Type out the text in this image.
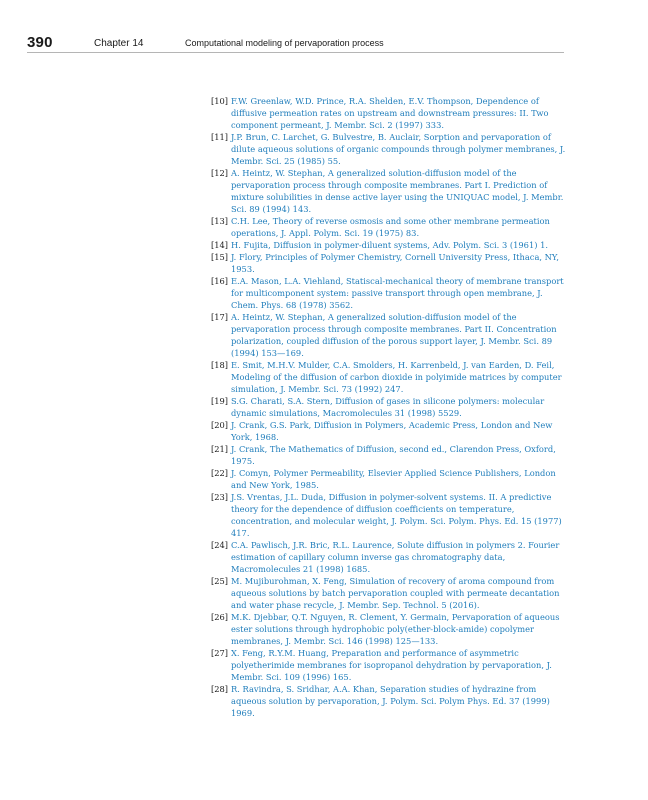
390	Chapter 14	Computational modeling of pervaporation process
[10] F.W. Greenlaw, W.D. Prince, R.A. Shelden, E.V. Thompson, Dependence of diffusive permeation rates on upstream and downstream pressures: II. Two component permeant, J. Membr. Sci. 2 (1997) 333.
[11] J.P. Brun, C. Larchet, G. Bulvestre, B. Auclair, Sorption and pervaporation of dilute aqueous solutions of organic compounds through polymer membranes, J. Membr. Sci. 25 (1985) 55.
[12] A. Heintz, W. Stephan, A generalized solution-diffusion model of the pervaporation process through composite membranes. Part I. Prediction of mixture solubilities in dense active layer using the UNIQUAC model, J. Membr. Sci. 89 (1994) 143.
[13] C.H. Lee, Theory of reverse osmosis and some other membrane permeation operations, J. Appl. Polym. Sci. 19 (1975) 83.
[14] H. Fujita, Diffusion in polymer-diluent systems, Adv. Polym. Sci. 3 (1961) 1.
[15] J. Flory, Principles of Polymer Chemistry, Cornell University Press, Ithaca, NY, 1953.
[16] E.A. Mason, L.A. Viehland, Statiscal-mechanical theory of membrane transport for multicomponent system: passive transport through open membrane, J. Chem. Phys. 68 (1978) 3562.
[17] A. Heintz, W. Stephan, A generalized solution-diffusion model of the pervaporation process through composite membranes. Part II. Concentration polarization, coupled diffusion of the porous support layer, J. Membr. Sci. 89 (1994) 153—169.
[18] E. Smit, M.H.V. Mulder, C.A. Smolders, H. Karrenbeld, J. van Earden, D. Feil, Modeling of the diffusion of carbon dioxide in polyimide matrices by computer simulation, J. Membr. Sci. 73 (1992) 247.
[19] S.G. Charati, S.A. Stern, Diffusion of gases in silicone polymers: molecular dynamic simulations, Macromolecules 31 (1998) 5529.
[20] J. Crank, G.S. Park, Diffusion in Polymers, Academic Press, London and New York, 1968.
[21] J. Crank, The Mathematics of Diffusion, second ed., Clarendon Press, Oxford, 1975.
[22] J. Comyn, Polymer Permeability, Elsevier Applied Science Publishers, London and New York, 1985.
[23] J.S. Vrentas, J.L. Duda, Diffusion in polymer-solvent systems. II. A predictive theory for the dependence of diffusion coefficients on temperature, concentration, and molecular weight, J. Polym. Sci. Polym. Phys. Ed. 15 (1977) 417.
[24] C.A. Pawlisch, J.R. Bric, R.L. Laurence, Solute diffusion in polymers 2. Fourier estimation of capillary column inverse gas chromatography data, Macromolecules 21 (1998) 1685.
[25] M. Mujiburohman, X. Feng, Simulation of recovery of aroma compound from aqueous solutions by batch pervaporation coupled with permeate decantation and water phase recycle, J. Membr. Sep. Technol. 5 (2016).
[26] M.K. Djebbar, Q.T. Nguyen, R. Clement, Y. Germain, Pervaporation of aqueous ester solutions through hydrophobic poly(ether-block-amide) copolymer membranes, J. Membr. Sci. 146 (1998) 125—133.
[27] X. Feng, R.Y.M. Huang, Preparation and performance of asymmetric polyetherimide membranes for isopropanol dehydration by pervaporation, J. Membr. Sci. 109 (1996) 165.
[28] R. Ravindra, S. Sridhar, A.A. Khan, Separation studies of hydrazine from aqueous solution by pervaporation, J. Polym. Sci. Polym Phys. Ed. 37 (1999) 1969.
